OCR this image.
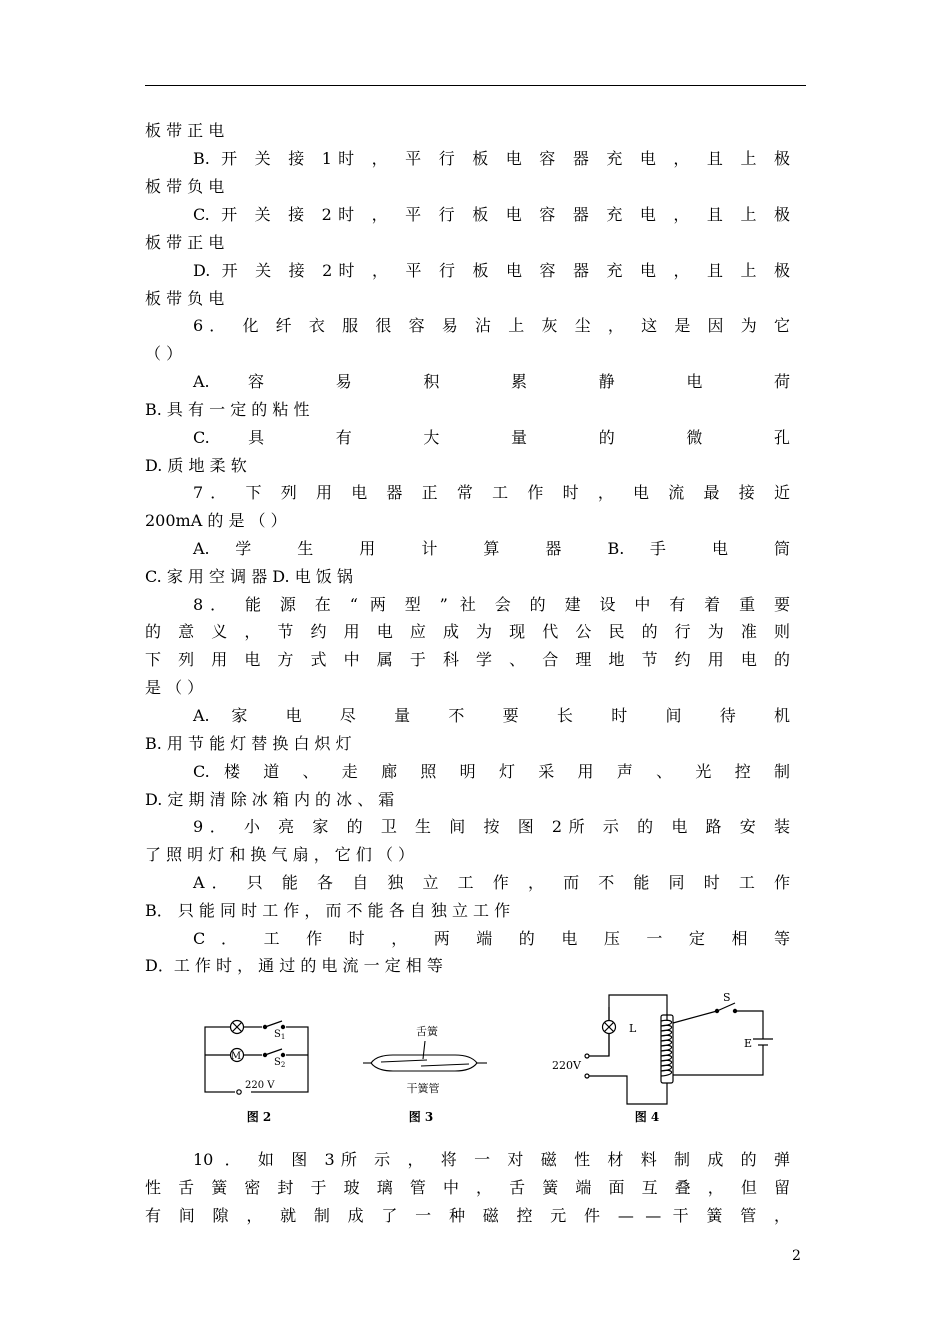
板 带 正 电
B. 开 关 接 1时 ， 平 行 板 电 容 器 充 电 ， 且 上 极
板 带 负 电
C. 开 关 接 2时 ， 平 行 板 电 容 器 充 电 ， 且 上 极
板 带 正 电
D. 开 关 接 2时 ， 平 行 板 电 容 器 充 电 ， 且 上 极
板 带 负 电
6． 化 纤 衣 服 很 容 易 沾 上 灰 尘 ， 这 是 因 为 它
（ ）
A. 容 易 积 累 静 电 荷
B. 具 有 一 定 的 粘 性
C. 具 有 大 量 的 微 孔
D. 质 地 柔 软
7． 下 列 用 电 器 正 常 工 作 时 ， 电 流 最 接 近
200mA 的 是 （ ）
A. 学 生 用 计 算 器 B. 手 电 筒
C. 家 用 空 调 器 D. 电 饭 锅
8． 能 源 在 “ 两 型 ” 社 会 的 建 设 中 有 着 重 要
的 意 义 ， 节 约 用 电 应 成 为 现 代 公 民 的 行 为 准 则
下 列 用 电 方 式 中 属 于 科 学 、 合 理 地 节 约 用 电 的
是 （ ）
A. 家 电 尽 量 不 要 长 时 间 待 机
B. 用 节 能 灯 替 换 白 炽 灯
C. 楼 道 、 走 廊 照 明 灯 采 用 声 、 光 控 制
D. 定 期 清 除 冰 箱 内 的 冰 、 霜
9． 小 亮 家 的 卫 生 间 按 图 2所 示 的 电 路 安 装
了 照 明 灯 和 换 气 扇 ， 它 们 （ ）
A． 只 能 各 自 独 立 工 作 ， 而 不 能 同 时 工 作
B． 只 能 同 时 工 作 ， 而 不 能 各 自 独 立 工 作
C ． 工 作 时 ， 两 端 的 电 压 一 定 相 等
D．工 作 时 ， 通 过 的 电 流 一 定 相 等
10 ． 如 图 3所 示 ， 将 一 对 磁 性 材 料 制 成 的 弹
性 舌 簧 密 封 于 玻 璃 管 中 ， 舌 簧 端 面 互 叠 ， 但 留
有 间 隙 ， 就 制 成 了 一 种 磁 控 元 件 — — 干 簧 管 ，
M
$S_1$
$S_2$
220 V
图 2
舌簧
干簧管
图 3
S
L
E
220V
图 4
2
